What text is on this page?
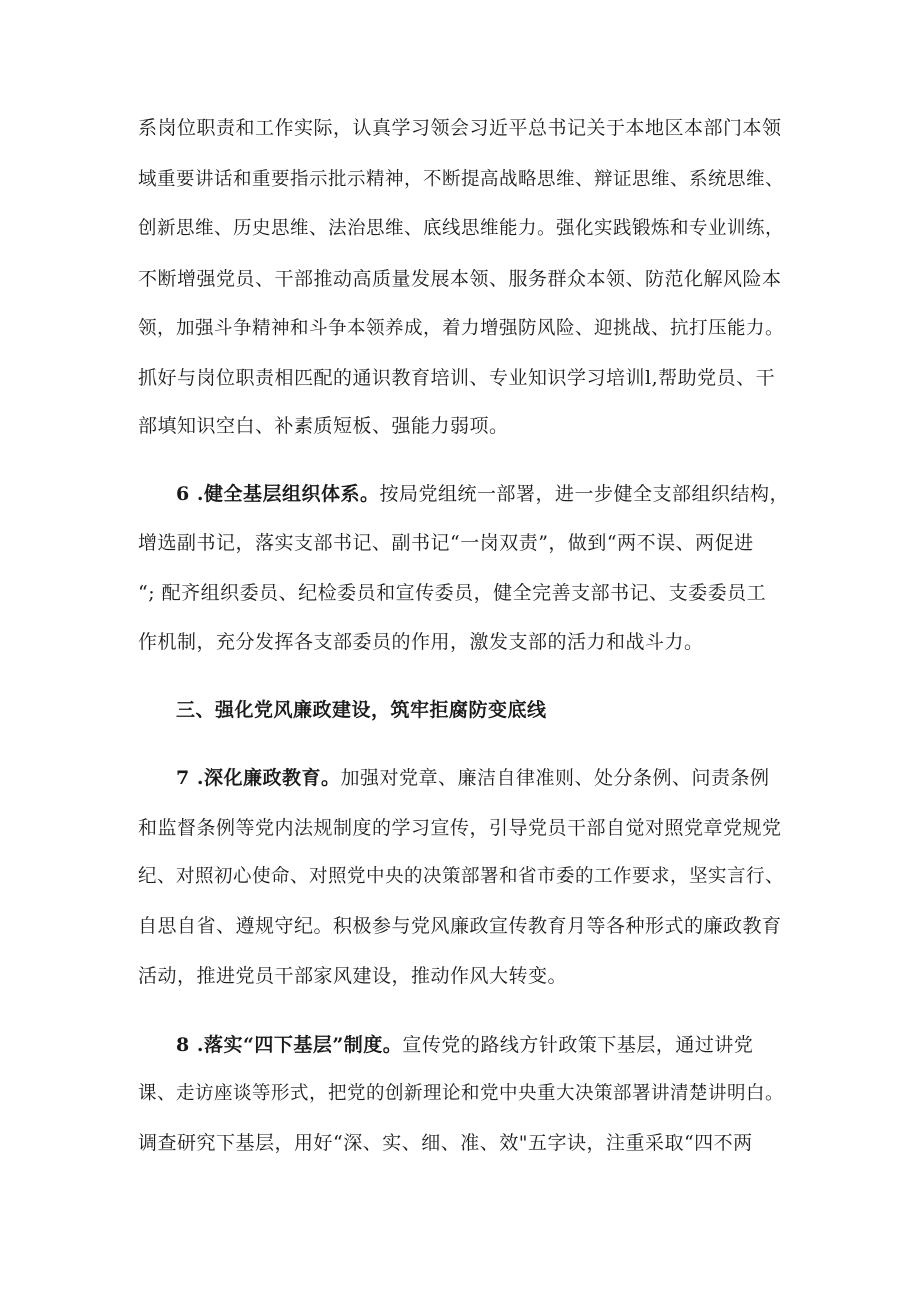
系岗位职责和工作实际，认真学习领会习近平总书记关于本地区本部门本领
域重要讲话和重要指示批示精神，不断提高战略思维、辩证思维、系统思维、
创新思维、历史思维、法治思维、底线思维能力。强化实践锻炼和专业训练，
不断增强党员、干部推动高质量发展本领、服务群众本领、防范化解风险本
领，加强斗争精神和斗争本领养成，着力增强防风险、迎挑战、抗打压能力。
抓好与岗位职责相匹配的通识教育培训、专业知识学习培训l,帮助党员、干
部填知识空白、补素质短板、强能力弱项。
6 .健全基层组织体系。按局党组统一部署，进一步健全支部组织结构，
增选副书记，落实支部书记、副书记“一岗双责”，做到“两不误、两促进
“; 配齐组织委员、纪检委员和宣传委员，健全完善支部书记、支委委员工
作机制，充分发挥各支部委员的作用，激发支部的活力和战斗力。
三、强化党风廉政建设，筑牢拒腐防变底线
7 .深化廉政教育。加强对党章、廉洁自律准则、处分条例、问责条例
和监督条例等党内法规制度的学习宣传，引导党员干部自觉对照党章党规党
纪、对照初心使命、对照党中央的决策部署和省市委的工作要求，坚实言行、
自思自省、遵规守纪。积极参与党风廉政宣传教育月等各种形式的廉政教育
活动，推进党员干部家风建设，推动作风大转变。
8 .落实“四下基层”制度。宣传党的路线方针政策下基层，通过讲党
课、走访座谈等形式，把党的创新理论和党中央重大决策部署讲清楚讲明白。
调查研究下基层，用好“深、实、细、准、效"五字诀，注重采取“四不两
